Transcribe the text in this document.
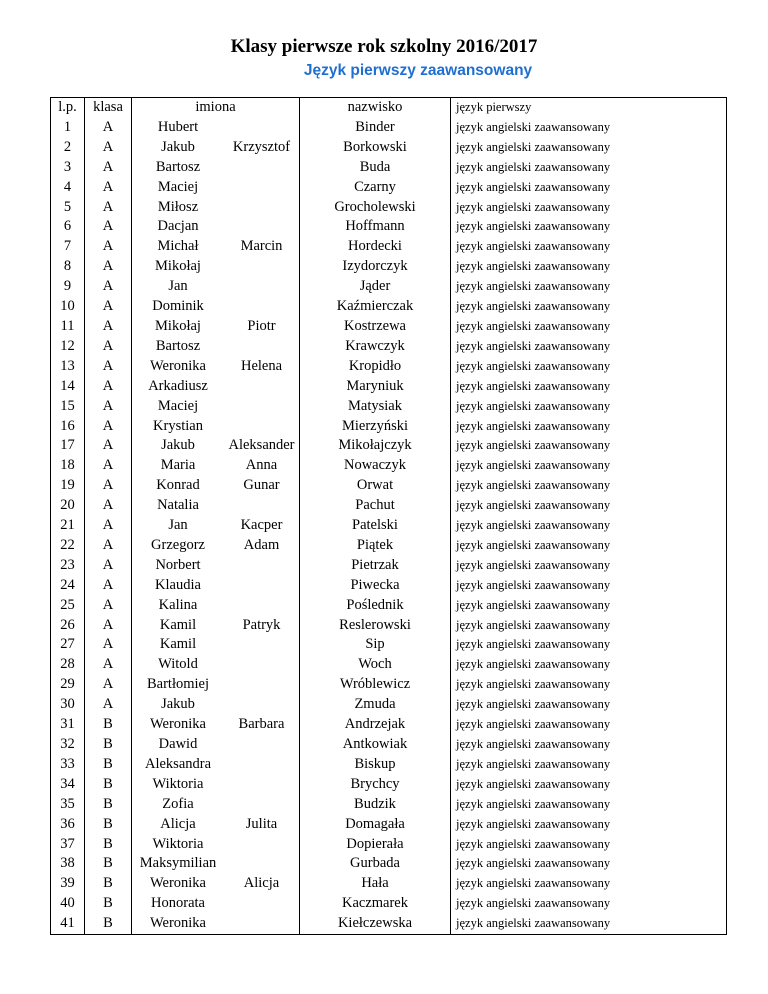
Klasy pierwsze rok szkolny 2016/2017
Język pierwszy zaawansowany
l.p.	klasa	imiona		nazwisko	język pierwszy
1	A	Hubert		Binder	język angielski zaawansowany
2	A	Jakub	Krzysztof	Borkowski	język angielski zaawansowany
3	A	Bartosz		Buda	język angielski zaawansowany
4	A	Maciej		Czarny	język angielski zaawansowany
5	A	Miłosz		Grocholewski	język angielski zaawansowany
6	A	Dacjan		Hoffmann	język angielski zaawansowany
7	A	Michał	Marcin	Hordecki	język angielski zaawansowany
8	A	Mikołaj		Izydorczyk	język angielski zaawansowany
9	A	Jan		Jąder	język angielski zaawansowany
10	A	Dominik		Kaźmierczak	język angielski zaawansowany
11	A	Mikołaj	Piotr	Kostrzewa	język angielski zaawansowany
12	A	Bartosz		Krawczyk	język angielski zaawansowany
13	A	Weronika	Helena	Kropidło	język angielski zaawansowany
14	A	Arkadiusz		Maryniuk	język angielski zaawansowany
15	A	Maciej		Matysiak	język angielski zaawansowany
16	A	Krystian		Mierzyński	język angielski zaawansowany
17	A	Jakub	Aleksander	Mikołajczyk	język angielski zaawansowany
18	A	Maria	Anna	Nowaczyk	język angielski zaawansowany
19	A	Konrad	Gunar	Orwat	język angielski zaawansowany
20	A	Natalia		Pachut	język angielski zaawansowany
21	A	Jan	Kacper	Patelski	język angielski zaawansowany
22	A	Grzegorz	Adam	Piątek	język angielski zaawansowany
23	A	Norbert		Pietrzak	język angielski zaawansowany
24	A	Klaudia		Piwecka	język angielski zaawansowany
25	A	Kalina		Poślednik	język angielski zaawansowany
26	A	Kamil	Patryk	Reslerowski	język angielski zaawansowany
27	A	Kamil		Sip	język angielski zaawansowany
28	A	Witold		Woch	język angielski zaawansowany
29	A	Bartłomiej		Wróblewicz	język angielski zaawansowany
30	A	Jakub		Zmuda	język angielski zaawansowany
31	B	Weronika	Barbara	Andrzejak	język angielski zaawansowany
32	B	Dawid		Antkowiak	język angielski zaawansowany
33	B	Aleksandra		Biskup	język angielski zaawansowany
34	B	Wiktoria		Brychcy	język angielski zaawansowany
35	B	Zofia		Budzik	język angielski zaawansowany
36	B	Alicja	Julita	Domagała	język angielski zaawansowany
37	B	Wiktoria		Dopierała	język angielski zaawansowany
38	B	Maksymilian		Gurbada	język angielski zaawansowany
39	B	Weronika	Alicja	Hała	język angielski zaawansowany
40	B	Honorata		Kaczmarek	język angielski zaawansowany
41	B	Weronika		Kiełczewska	język angielski zaawansowany
